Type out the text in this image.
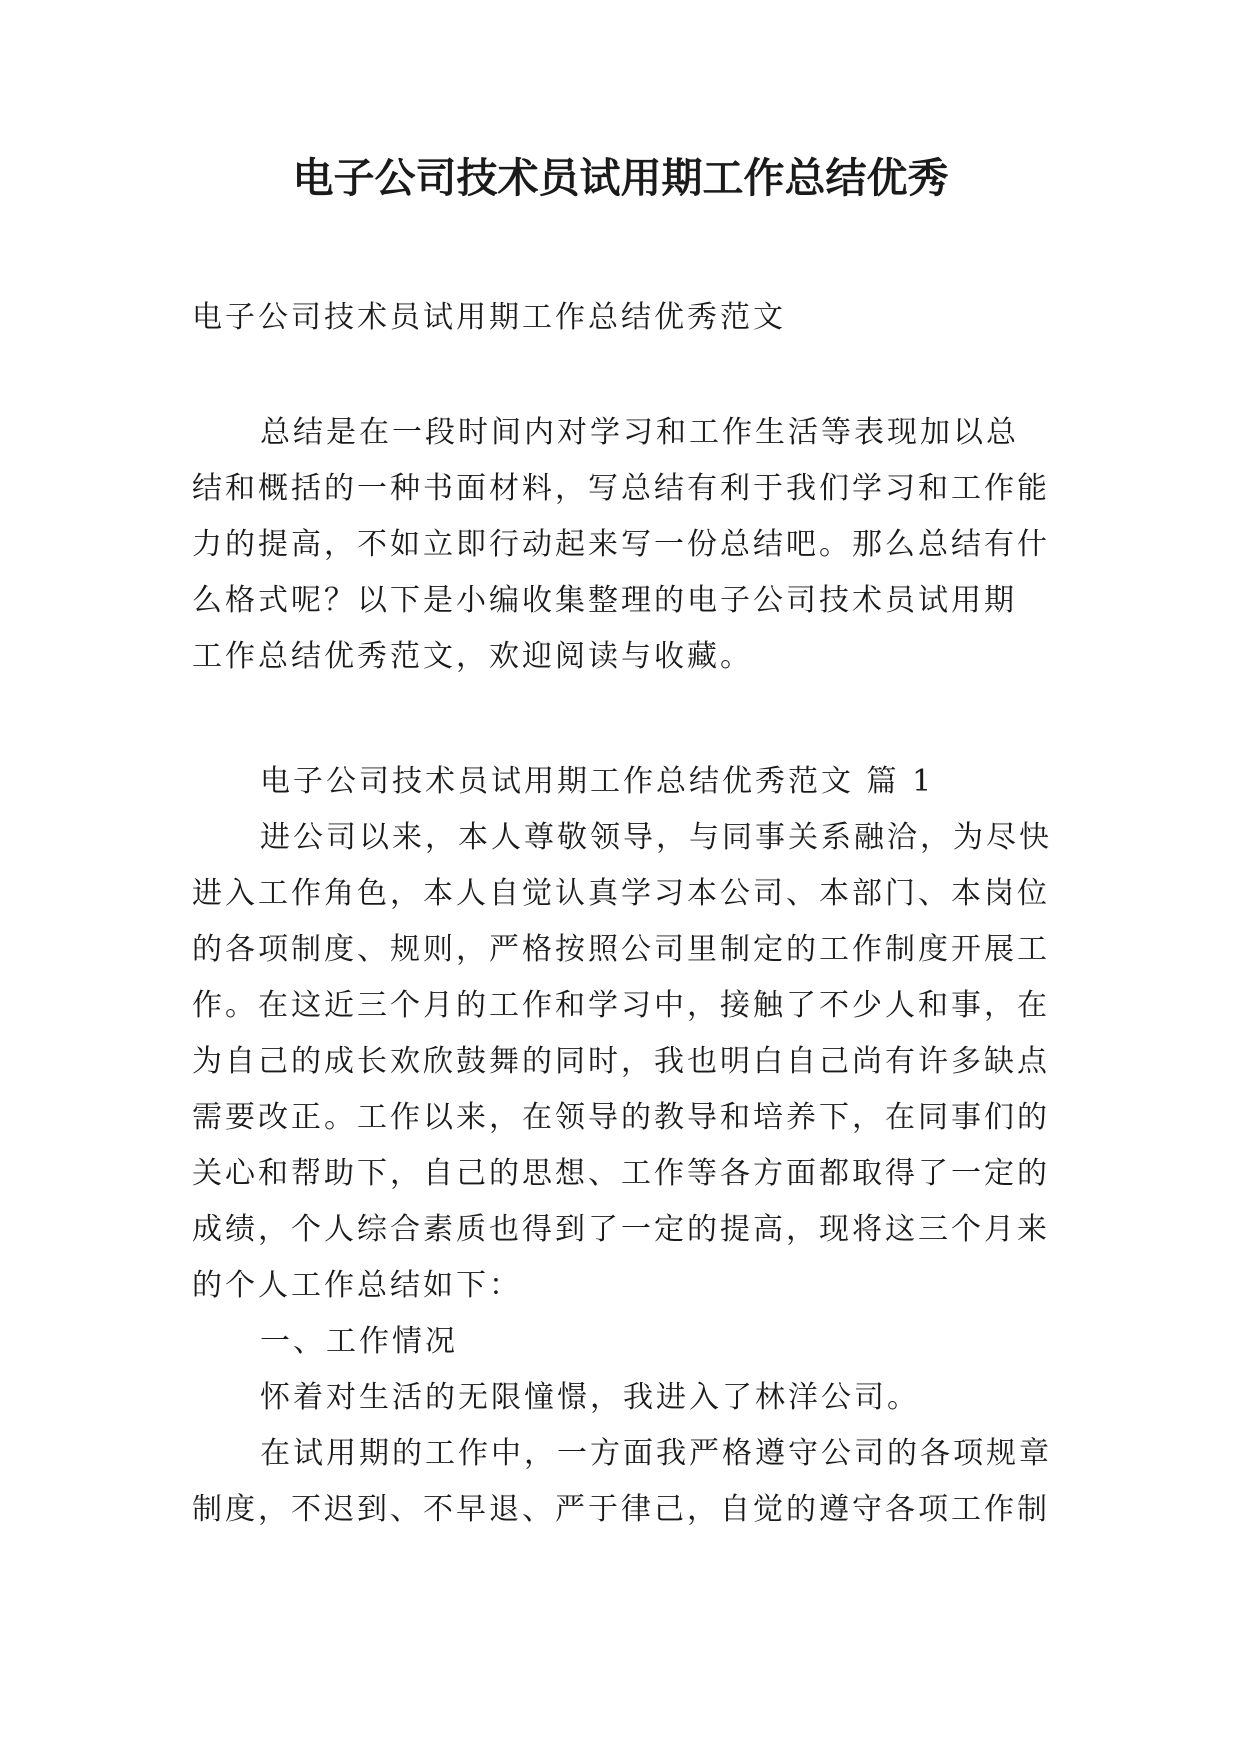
电子公司技术员试用期工作总结优秀
电子公司技术员试用期工作总结优秀范文
总结是在一段时间内对学习和工作生活等表现加以总
结和概括的一种书面材料，写总结有利于我们学习和工作能
力的提高，不如立即行动起来写一份总结吧。那么总结有什
么格式呢？以下是小编收集整理的电子公司技术员试用期
工作总结优秀范文，欢迎阅读与收藏。
电子公司技术员试用期工作总结优秀范文 篇 1
进公司以来，本人尊敬领导，与同事关系融洽，为尽快
进入工作角色，本人自觉认真学习本公司、本部门、本岗位
的各项制度、规则，严格按照公司里制定的工作制度开展工
作。在这近三个月的工作和学习中，接触了不少人和事，在
为自己的成长欢欣鼓舞的同时，我也明白自己尚有许多缺点
需要改正。工作以来，在领导的教导和培养下，在同事们的
关心和帮助下，自己的思想、工作等各方面都取得了一定的
成绩，个人综合素质也得到了一定的提高，现将这三个月来
的个人工作总结如下：
一、工作情况
怀着对生活的无限憧憬，我进入了林洋公司。
在试用期的工作中，一方面我严格遵守公司的各项规章
制度，不迟到、不早退、严于律己，自觉的遵守各项工作制
